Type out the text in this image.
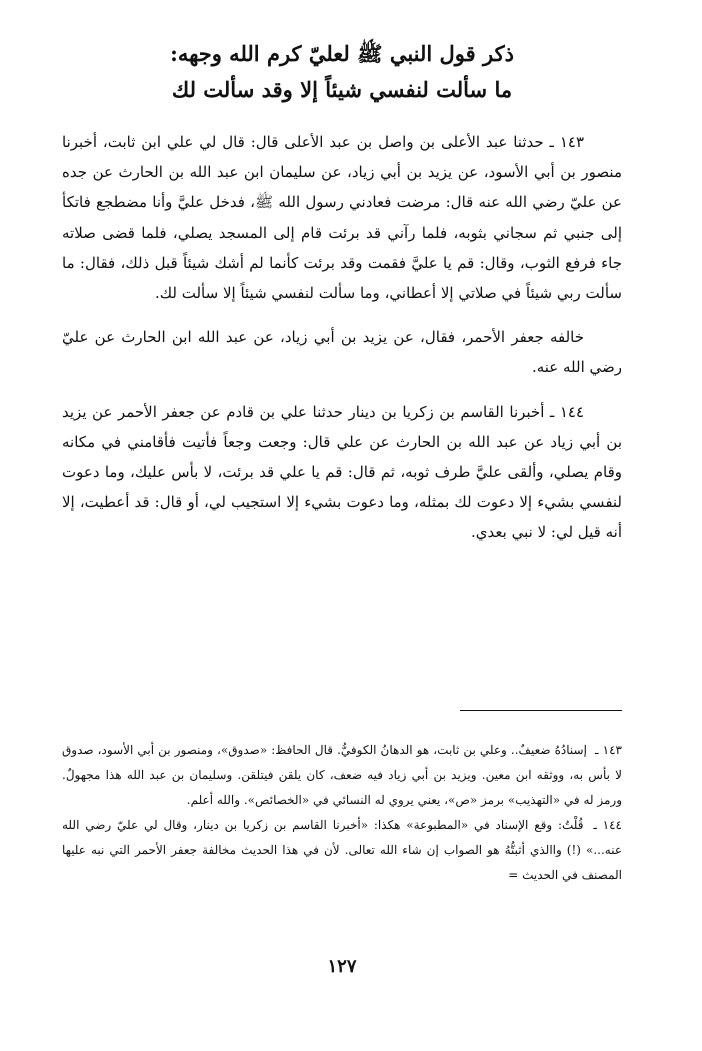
ذكر قول النبي ﷺ لعليّ كرم الله وجهه:
ما سألت لنفسي شيئاً إلا وقد سألت لك

١٤٣ ـ حدثنا عبد الأعلى بن واصل بن عبد الأعلى قال: قال لي علي ابن ثابت، أخبرنا منصور بن أبي الأسود، عن يزيد بن أبي زياد، عن سليمان ابن عبد الله بن الحارث عن جده عن عليّ رضي الله عنه قال: مرضت فعادني رسول الله ﷺ، فدخل عليَّ وأنا مضطجع فاتكأ إلى جنبي ثم سجاني بثوبه، فلما رآني قد برئت قام إلى المسجد يصلي، فلما قضى صلاته جاء فرفع الثوب، وقال: قم يا عليَّ فقمت وقد برئت كأنما لم أشك شيئاً قبل ذلك، فقال: ما سألت ربي شيئاً في صلاتي إلا أعطاني، وما سألت لنفسي شيئاً إلا سألت لك.

خالفه جعفر الأحمر، فقال، عن يزيد بن أبي زياد، عن عبد الله ابن الحارث عن عليّ رضي الله عنه.

١٤٤ ـ أخبرنا القاسم بن زكريا بن دينار حدثنا علي بن قادم عن جعفر الأحمر عن يزيد بن أبي زياد عن عبد الله بن الحارث عن علي قال: وجعت وجعاً فأتيت فأقامني في مكانه وقام يصلي، وألقى عليَّ طرف ثوبه، ثم قال: قم يا علي قد برئت، لا بأس عليك، وما دعوت لنفسي بشيء إلا دعوت لك بمثله، وما دعوت بشيء إلا استجيب لي، أو قال: قد أعطيت، إلا أنه قيل لي: لا نبي بعدي.

١٤٣ ـ إسنادُهُ ضعيفٌ.. وعلي بن ثابت، هو الدهانُ الكوفيُّ. قال الحافظ: «صدوق»، ومنصور بن أبي الأسود، صدوق لا بأس به، ووثقه ابن معين. ويزيد بن أبي زياد فيه ضعف، كان يلقن فيتلقن. وسليمان بن عبد الله هذا مجهولٌ. ورمز له في «التهذيب» برمز «ص»، يعني يروي له النسائي في «الخصائص». والله أعلم.

١٤٤ ـ قُلْتُ: وقع الإسناد في «المطبوعة» هكذا: «أخبرنا القاسم بن زكريا بن دينار، وقال لي عليّ رضي الله عنه...» (!) واالذي أثبتُّهُ هو الصواب إن شاء الله تعالى. لأن في هذا الحديث مخالفة جعفر الأحمر التي نبه عليها المصنف في الحديث =

١٢٧
